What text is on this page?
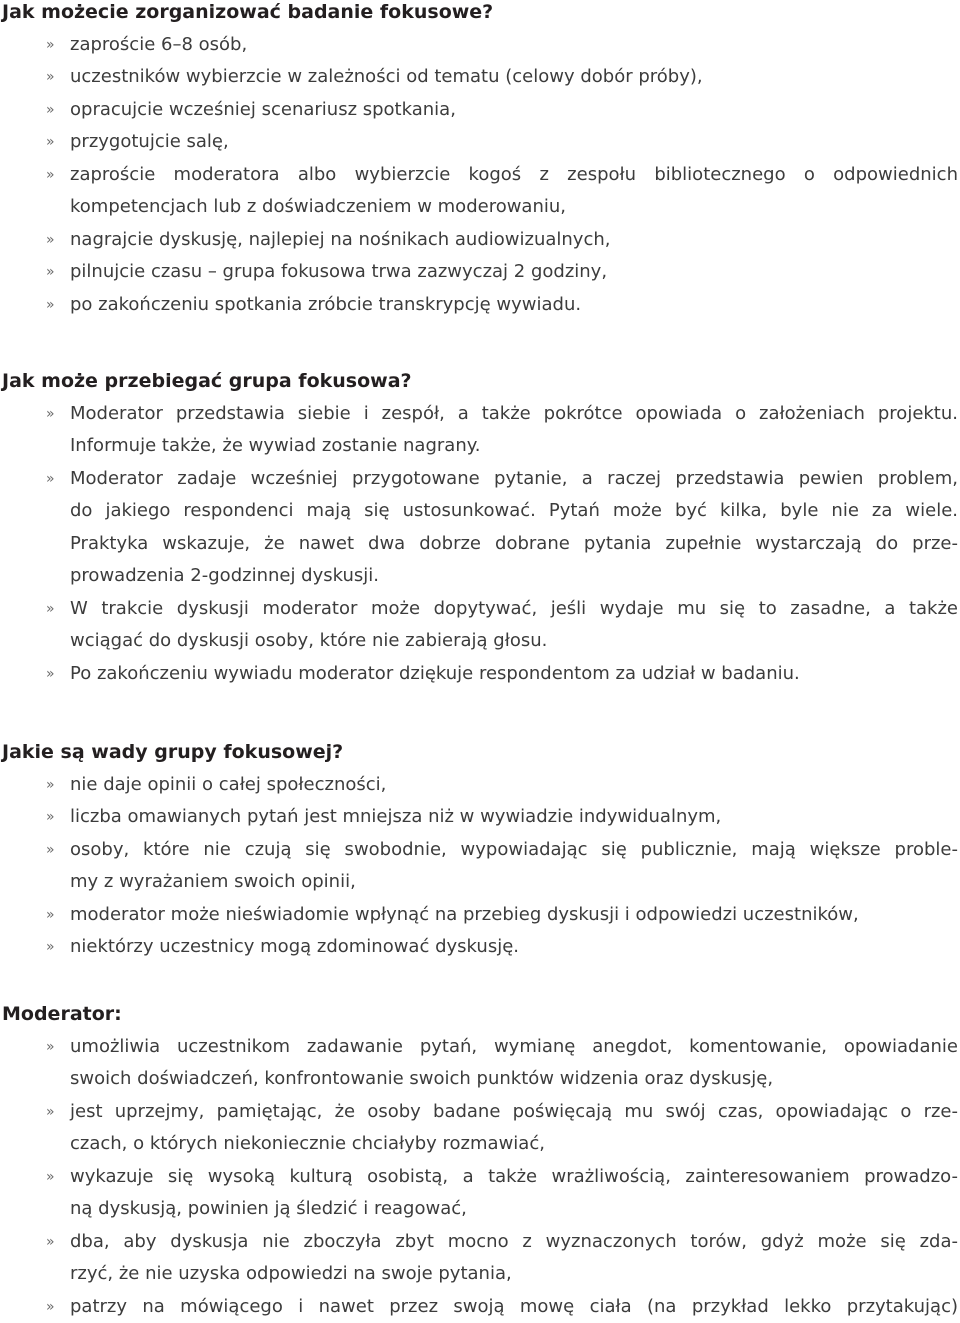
Jak możecie zorganizować badanie fokusowe?
» zaproście 6–8 osób,
» uczestników wybierzcie w zależności od tematu (celowy dobór próby),
» opracujcie wcześniej scenariusz spotkania,
» przygotujcie salę,
» zaproście moderatora albo wybierzcie kogoś z zespołu bibliotecznego o odpowiednich
kompetencjach lub z doświadczeniem w moderowaniu,
» nagrajcie dyskusję, najlepiej na nośnikach audiowizualnych,
» pilnujcie czasu – grupa fokusowa trwa zazwyczaj 2 godziny,
» po zakończeniu spotkania zróbcie transkrypcję wywiadu.
Jak może przebiegać grupa fokusowa?
» Moderator przedstawia siebie i zespół, a także pokrótce opowiada o założeniach projektu.
Informuje także, że wywiad zostanie nagrany.
» Moderator zadaje wcześniej przygotowane pytanie, a raczej przedstawia pewien problem,
do jakiego respondenci mają się ustosunkować. Pytań może być kilka, byle nie za wiele.
Praktyka wskazuje, że nawet dwa dobrze dobrane pytania zupełnie wystarczają do prze-
prowadzenia 2-godzinnej dyskusji.
» W trakcie dyskusji moderator może dopytywać, jeśli wydaje mu się to zasadne, a także
wciągać do dyskusji osoby, które nie zabierają głosu.
» Po zakończeniu wywiadu moderator dziękuje respondentom za udział w badaniu.
Jakie są wady grupy fokusowej?
» nie daje opinii o całej społeczności,
» liczba omawianych pytań jest mniejsza niż w wywiadzie indywidualnym,
» osoby, które nie czują się swobodnie, wypowiadając się publicznie, mają większe proble-
my z wyrażaniem swoich opinii,
» moderator może nieświadomie wpłynąć na przebieg dyskusji i odpowiedzi uczestników,
» niektórzy uczestnicy mogą zdominować dyskusję.
Moderator:
» umożliwia uczestnikom zadawanie pytań, wymianę anegdot, komentowanie, opowiadanie
swoich doświadczeń, konfrontowanie swoich punktów widzenia oraz dyskusję,
» jest uprzejmy, pamiętając, że osoby badane poświęcają mu swój czas, opowiadając o rze-
czach, o których niekoniecznie chciałyby rozmawiać,
» wykazuje się wysoką kulturą osobistą, a także wrażliwością, zainteresowaniem prowadzo-
ną dyskusją, powinien ją śledzić i reagować,
» dba, aby dyskusja nie zboczyła zbyt mocno z wyznaczonych torów, gdyż może się zda-
rzyć, że nie uzyska odpowiedzi na swoje pytania,
» patrzy na mówiącego i nawet przez swoją mowę ciała (na przykład lekko przytakując)
